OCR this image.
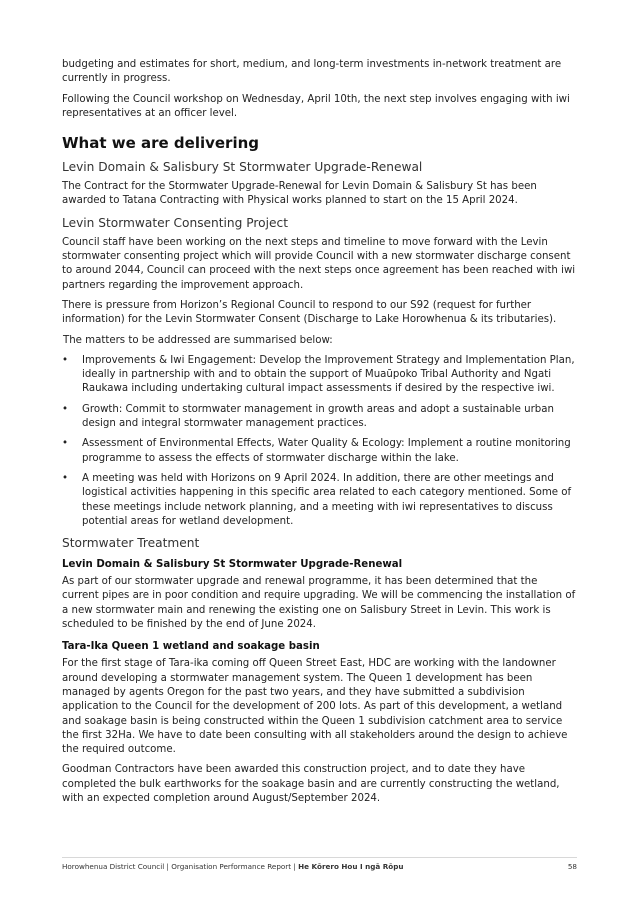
budgeting and estimates for short, medium, and long-term investments in-network treatment are currently in progress.

Following the Council workshop on Wednesday, April 10th, the next step involves engaging with iwi representatives at an officer level.

What we are delivering
Levin Domain & Salisbury St Stormwater Upgrade-Renewal

The Contract for the Stormwater Upgrade-Renewal for Levin Domain & Salisbury St has been awarded to Tatana Contracting with Physical works planned to start on the 15 April 2024.

Levin Stormwater Consenting Project

Council staff have been working on the next steps and timeline to move forward with the Levin stormwater consenting project which will provide Council with a new stormwater discharge consent to around 2044, Council can proceed with the next steps once agreement has been reached with iwi partners regarding the improvement approach.

There is pressure from Horizon’s Regional Council to respond to our S92 (request for further information) for the Levin Stormwater Consent (Discharge to Lake Horowhenua & its tributaries).

The matters to be addressed are summarised below:

• Improvements & Iwi Engagement: Develop the Improvement Strategy and Implementation Plan, ideally in partnership with and to obtain the support of Muaūpoko Tribal Authority and Ngati Raukawa including undertaking cultural impact assessments if desired by the respective iwi.
• Growth: Commit to stormwater management in growth areas and adopt a sustainable urban design and integral stormwater management practices.
• Assessment of Environmental Effects, Water Quality & Ecology: Implement a routine monitoring programme to assess the effects of stormwater discharge within the lake.
• A meeting was held with Horizons on 9 April 2024. In addition, there are other meetings and logistical activities happening in this specific area related to each category mentioned. Some of these meetings include network planning, and a meeting with iwi representatives to discuss potential areas for wetland development.
Stormwater Treatment
Levin Domain & Salisbury St Stormwater Upgrade-Renewal

As part of our stormwater upgrade and renewal programme, it has been determined that the current pipes are in poor condition and require upgrading. We will be commencing the installation of a new stormwater main and renewing the existing one on Salisbury Street in Levin. This work is scheduled to be finished by the end of June 2024.

Tara-Ika Queen 1 wetland and soakage basin

For the first stage of Tara-ika coming off Queen Street East, HDC are working with the landowner around developing a stormwater management system. The Queen 1 development has been managed by agents Oregon for the past two years, and they have submitted a subdivision application to the Council for the development of 200 lots. As part of this development, a wetland and soakage basin is being constructed within the Queen 1 subdivision catchment area to service the first 32Ha. We have to date been consulting with all stakeholders around the design to achieve the required outcome.

Goodman Contractors have been awarded this construction project, and to date they have completed the bulk earthworks for the soakage basin and are currently constructing the wetland, with an expected completion around August/September 2024.

Horowhenua District Council | Organisation Performance Report | He Kōrero Hou I ngā Rōpu	58
